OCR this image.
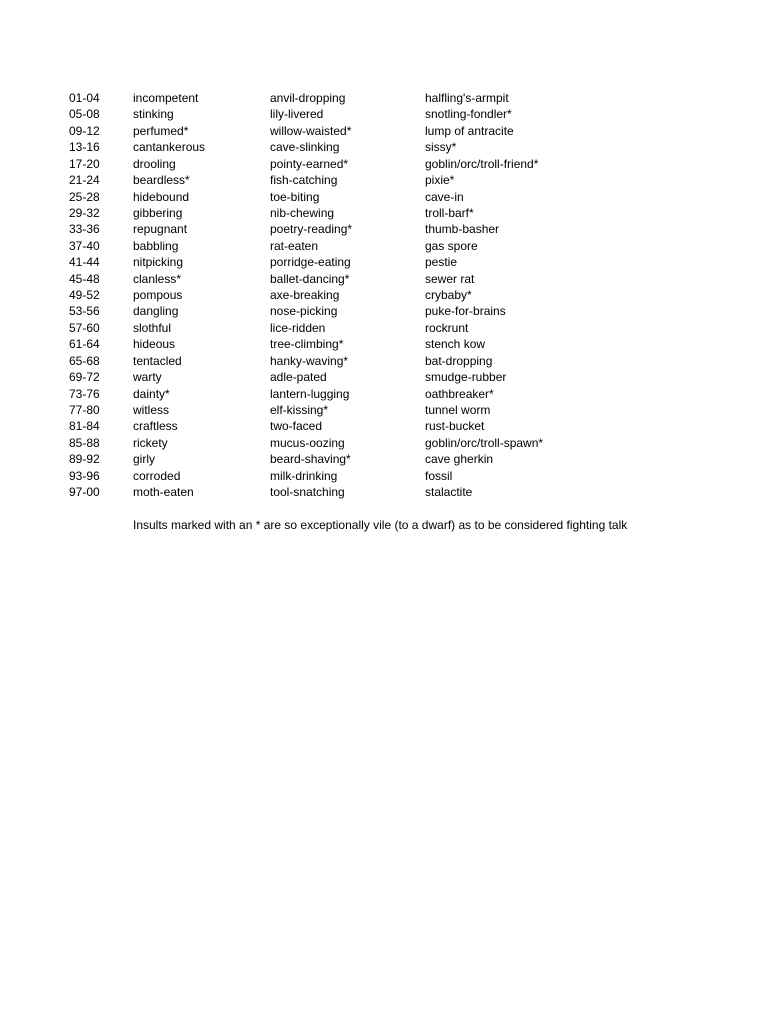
01-04	incompetent	anvil-dropping	halfling's-armpit
05-08	stinking	lily-livered	snotling-fondler*
09-12	perfumed*	willow-waisted*	lump of antracite
13-16	cantankerous	cave-slinking	sissy*
17-20	drooling	pointy-earned*	goblin/orc/troll-friend*
21-24	beardless*	fish-catching	pixie*
25-28	hidebound	toe-biting	cave-in
29-32	gibbering	nib-chewing	troll-barf*
33-36	repugnant	poetry-reading*	thumb-basher
37-40	babbling	rat-eaten	gas spore
41-44	nitpicking	porridge-eating	pestie
45-48	clanless*	ballet-dancing*	sewer rat
49-52	pompous	axe-breaking	crybaby*
53-56	dangling	nose-picking	puke-for-brains
57-60	slothful	lice-ridden	rockrunt
61-64	hideous	tree-climbing*	stench kow
65-68	tentacled	hanky-waving*	bat-dropping
69-72	warty	adle-pated	smudge-rubber
73-76	dainty*	lantern-lugging	oathbreaker*
77-80	witless	elf-kissing*	tunnel worm
81-84	craftless	two-faced	rust-bucket
85-88	rickety	mucus-oozing	goblin/orc/troll-spawn*
89-92	girly	beard-shaving*	cave gherkin
93-96	corroded	milk-drinking	fossil
97-00	moth-eaten	tool-snatching	stalactite
Insults marked with an * are so exceptionally vile (to a dwarf) as to be considered fighting talk
